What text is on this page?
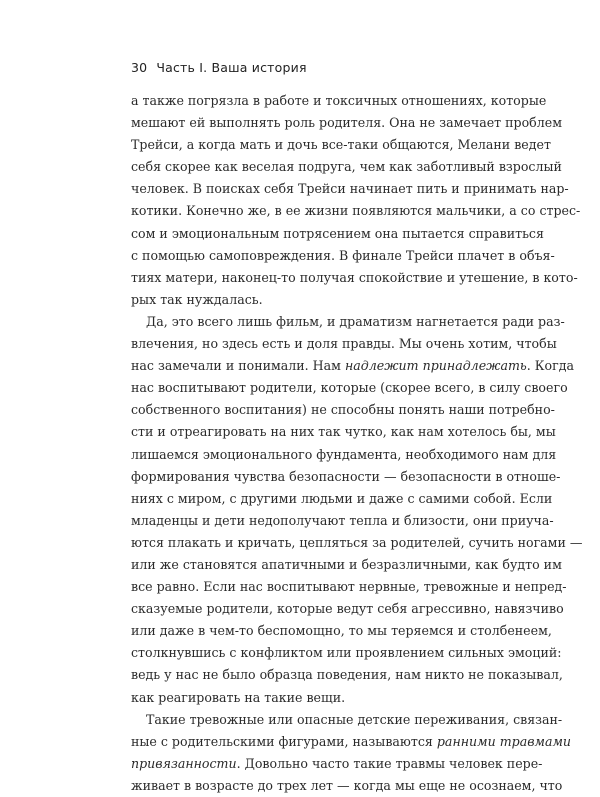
30 Часть I. Ваша история
а также погрязла в работе и токсичных отношениях, которые
мешают ей выполнять роль родителя. Она не замечает проблем
Трейси, а когда мать и дочь все-таки общаются, Мелани ведет
себя скорее как веселая подруга, чем как заботливый взрослый
человек. В поисках себя Трейси начинает пить и принимать нар-
котики. Конечно же, в ее жизни появляются мальчики, а со стрес-
сом и эмоциональным потрясением она пытается справиться
с помощью самоповреждения. В финале Трейси плачет в объя-
тиях матери, наконец-то получая спокойствие и утешение, в кото-
рых так нуждалась.
Да, это всего лишь фильм, и драматизм нагнетается ради раз-
влечения, но здесь есть и доля правды. Мы очень хотим, чтобы
нас замечали и понимали. Нам надлежит принадлежать. Когда
нас воспитывают родители, которые (скорее всего, в силу своего
собственного воспитания) не способны понять наши потребно-
сти и отреагировать на них так чутко, как нам хотелось бы, мы
лишаемся эмоционального фундамента, необходимого нам для
формирования чувства безопасности — безопасности в отноше-
ниях с миром, с другими людьми и даже с самими собой. Если
младенцы и дети недополучают тепла и близости, они приуча-
ются плакать и кричать, цепляться за родителей, сучить ногами —
или же становятся апатичными и безразличными, как будто им
все равно. Если нас воспитывают нервные, тревожные и непред-
сказуемые родители, которые ведут себя агрессивно, навязчиво
или даже в чем-то беспомощно, то мы теряемся и столбенеем,
столкнувшись с конфликтом или проявлением сильных эмоций:
ведь у нас не было образца поведения, нам никто не показывал,
как реагировать на такие вещи.
Такие тревожные или опасные детские переживания, связан-
ные с родительскими фигурами, называются ранними травмами
привязанности. Довольно часто такие травмы человек пере-
живает в возрасте до трех лет — когда мы еще не осознаем, что
